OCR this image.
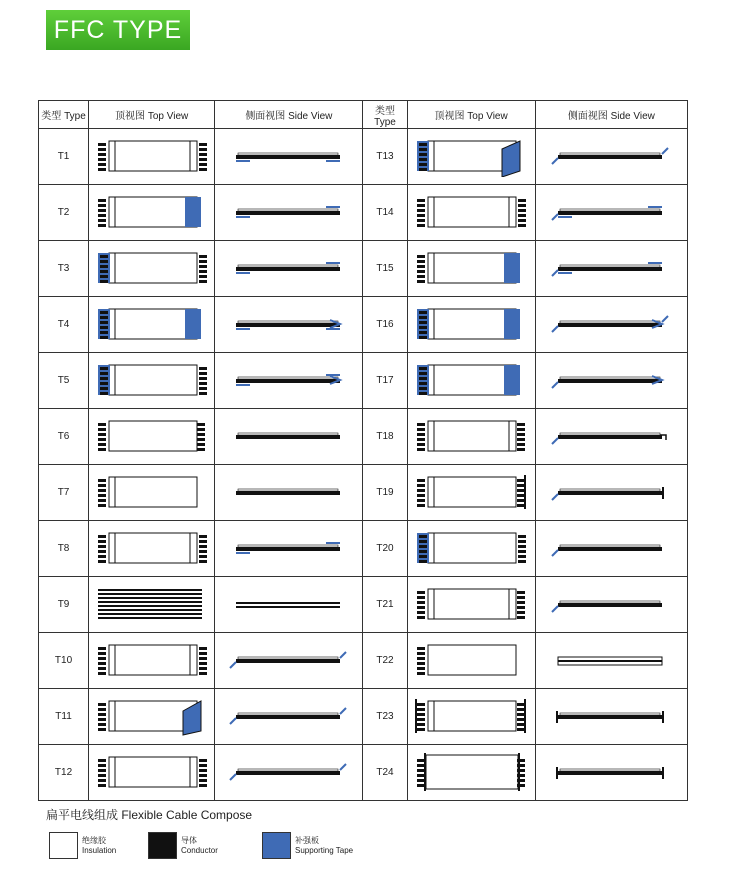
FFC TYPE
类型 Type	顶视图 Top View	侧面视图 Side View	类型 Type	顶视图 Top View	侧面视图 Side View
T1			T13	

T2			T14	

T3			T15	

T4			T16	

T5			T17	

T6			T18	

T7			T19	

T8			T20	

T9			T21	

T10			T22	

T11			T23	

T12			T24	

扁平电线组成 Flexible Cable Compose
绝缘胶
Insulation
导体
Conductor
补强板
Supporting Tape
